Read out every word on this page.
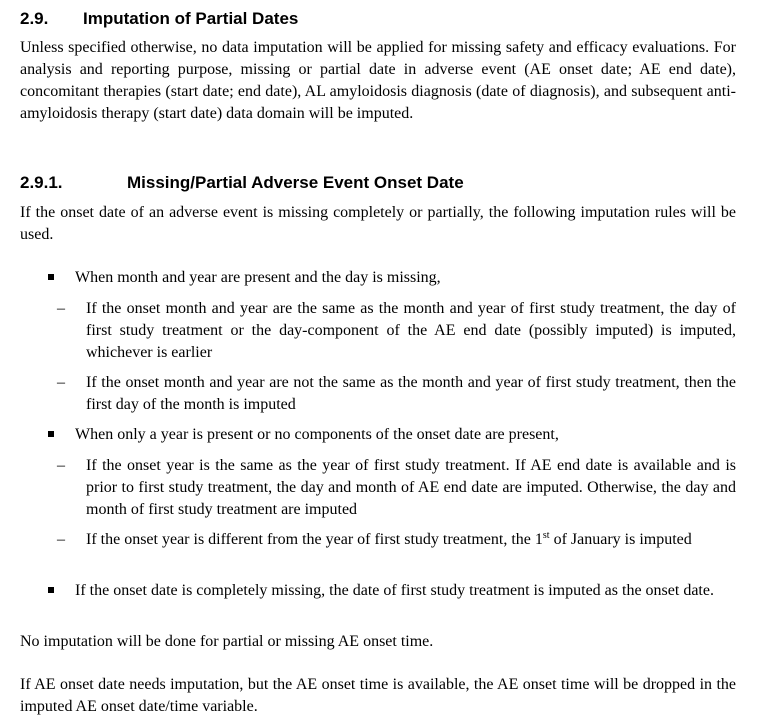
2.9. Imputation of Partial Dates
Unless specified otherwise, no data imputation will be applied for missing safety and efficacy evaluations. For analysis and reporting purpose, missing or partial date in adverse event (AE onset date; AE end date), concomitant therapies (start date; end date), AL amyloidosis diagnosis (date of diagnosis), and subsequent anti-amyloidosis therapy (start date) data domain will be imputed.
2.9.1.	Missing/Partial Adverse Event Onset Date
If the onset date of an adverse event is missing completely or partially, the following imputation rules will be used.
When month and year are present and the day is missing,
– If the onset month and year are the same as the month and year of first study treatment, the day of first study treatment or the day-component of the AE end date (possibly imputed) is imputed, whichever is earlier
– If the onset month and year are not the same as the month and year of first study treatment, then the first day of the month is imputed
When only a year is present or no components of the onset date are present,
– If the onset year is the same as the year of first study treatment. If AE end date is available and is prior to first study treatment, the day and month of AE end date are imputed. Otherwise, the day and month of first study treatment are imputed
– If the onset year is different from the year of first study treatment, the 1st of January is imputed
If the onset date is completely missing, the date of first study treatment is imputed as the onset date.
No imputation will be done for partial or missing AE onset time.
If AE onset date needs imputation, but the AE onset time is available, the AE onset time will be dropped in the imputed AE onset date/time variable.
